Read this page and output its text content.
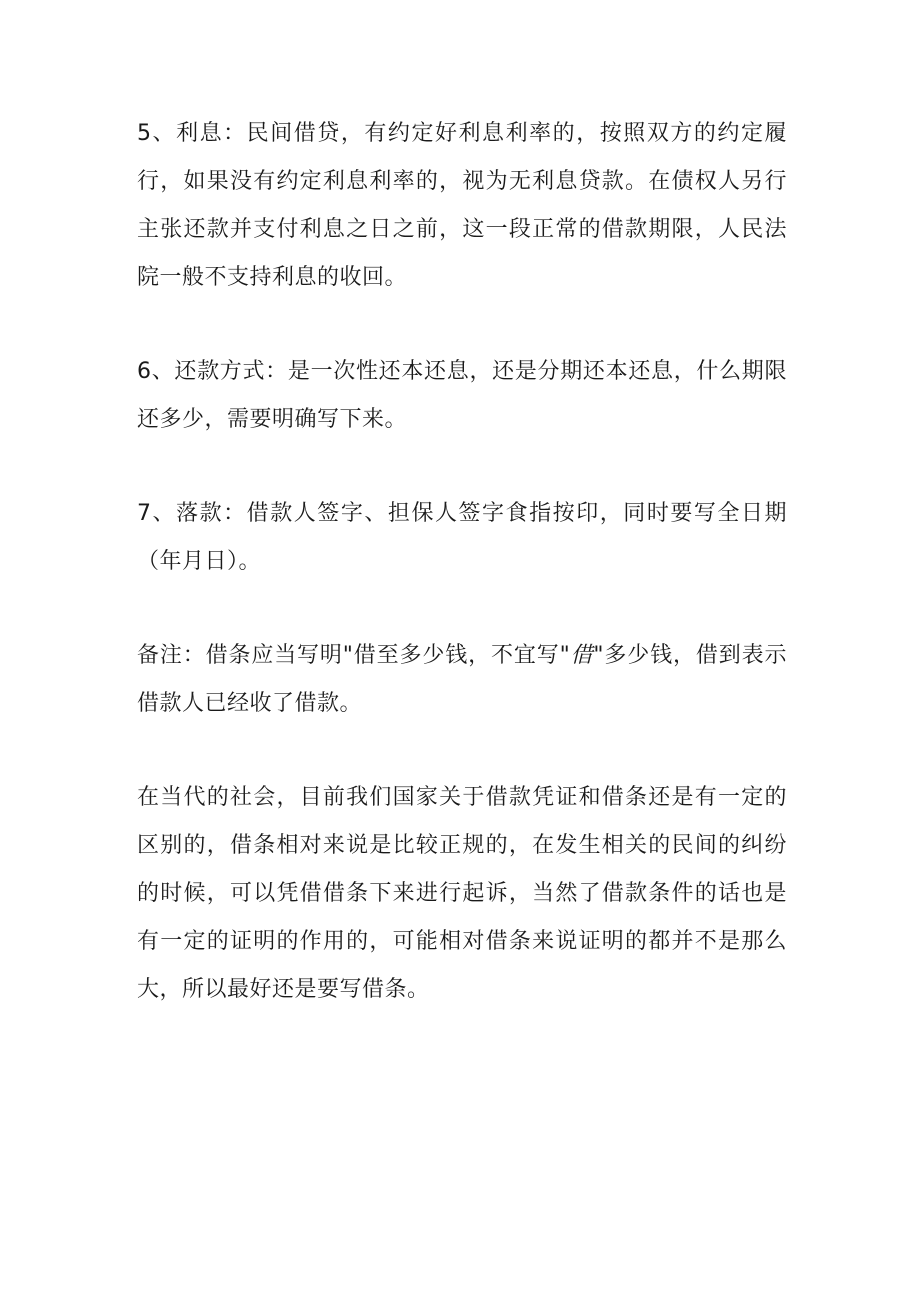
5、利息：民间借贷，有约定好利息利率的，按照双方的约定履行，如果没有约定利息利率的，视为无利息贷款。在债权人另行主张还款并支付利息之日之前，这一段正常的借款期限，人民法院一般不支持利息的收回。

6、还款方式：是一次性还本还息，还是分期还本还息，什么期限还多少，需要明确写下来。

7、落款：借款人签字、担保人签字食指按印，同时要写全日期（年月日）。

备注：借条应当写明"借至多少钱，不宜写"借"多少钱，借到表示借款人已经收了借款。

在当代的社会，目前我们国家关于借款凭证和借条还是有一定的区别的，借条相对来说是比较正规的，在发生相关的民间的纠纷的时候，可以凭借借条下来进行起诉，当然了借款条件的话也是有一定的证明的作用的，可能相对借条来说证明的都并不是那么大，所以最好还是要写借条。
